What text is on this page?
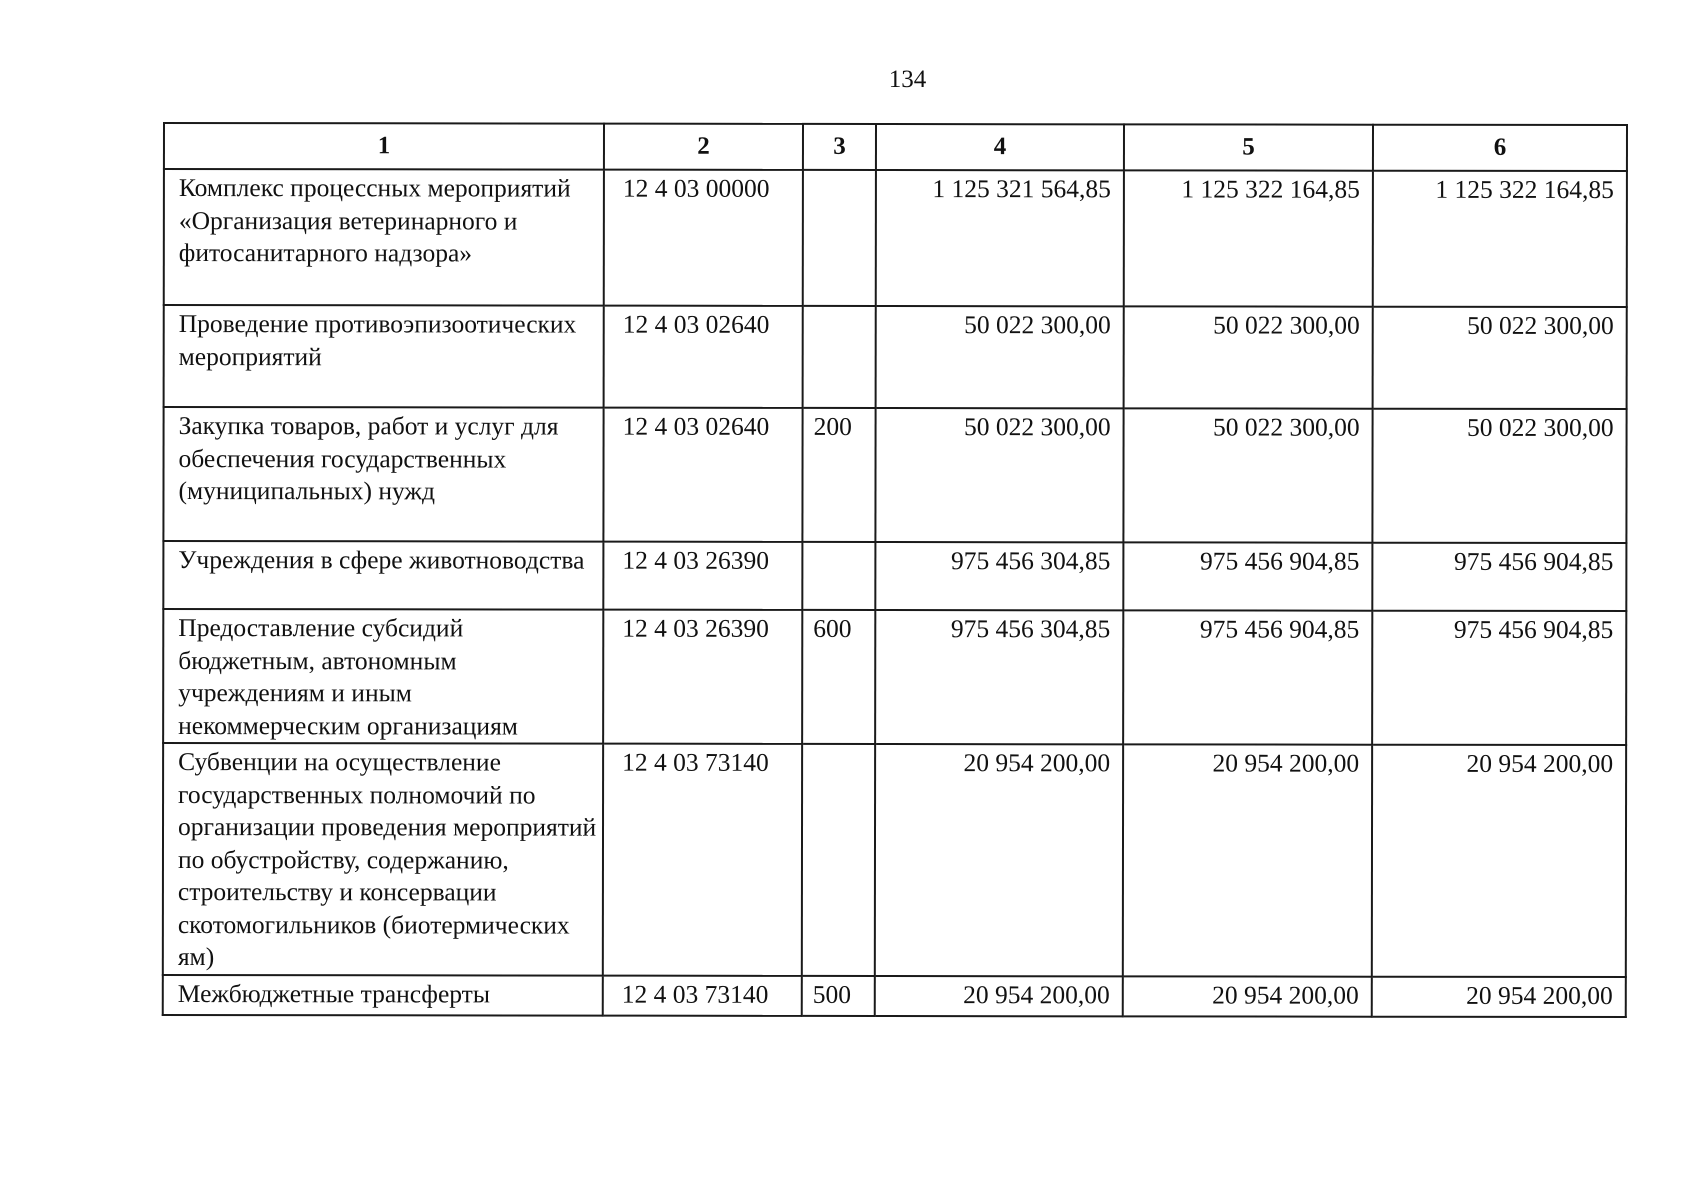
134
1	2	3	4	5	6
Комплекс процессных мероприятий «Организация ветеринарного и фитосанитарного надзора»	12 4 03 00000		1 125 321 564,85	1 125 322 164,85	1 125 322 164,85
Проведение противоэпизоотических мероприятий	12 4 03 02640		50 022 300,00	50 022 300,00	50 022 300,00
Закупка товаров, работ и услуг для обеспечения государственных (муниципальных) нужд	12 4 03 02640	200	50 022 300,00	50 022 300,00	50 022 300,00
Учреждения в сфере животноводства	12 4 03 26390		975 456 304,85	975 456 904,85	975 456 904,85
Предоставление субсидий бюджетным, автономным учреждениям и иным некоммерческим организациям	12 4 03 26390	600	975 456 304,85	975 456 904,85	975 456 904,85
Субвенции на осуществление государственных полномочий по организации проведения мероприятий по обустройству, содержанию, строительству и консервации скотомогильников (биотермических ям)	12 4 03 73140		20 954 200,00	20 954 200,00	20 954 200,00
Межбюджетные трансферты	12 4 03 73140	500	20 954 200,00	20 954 200,00	20 954 200,00
